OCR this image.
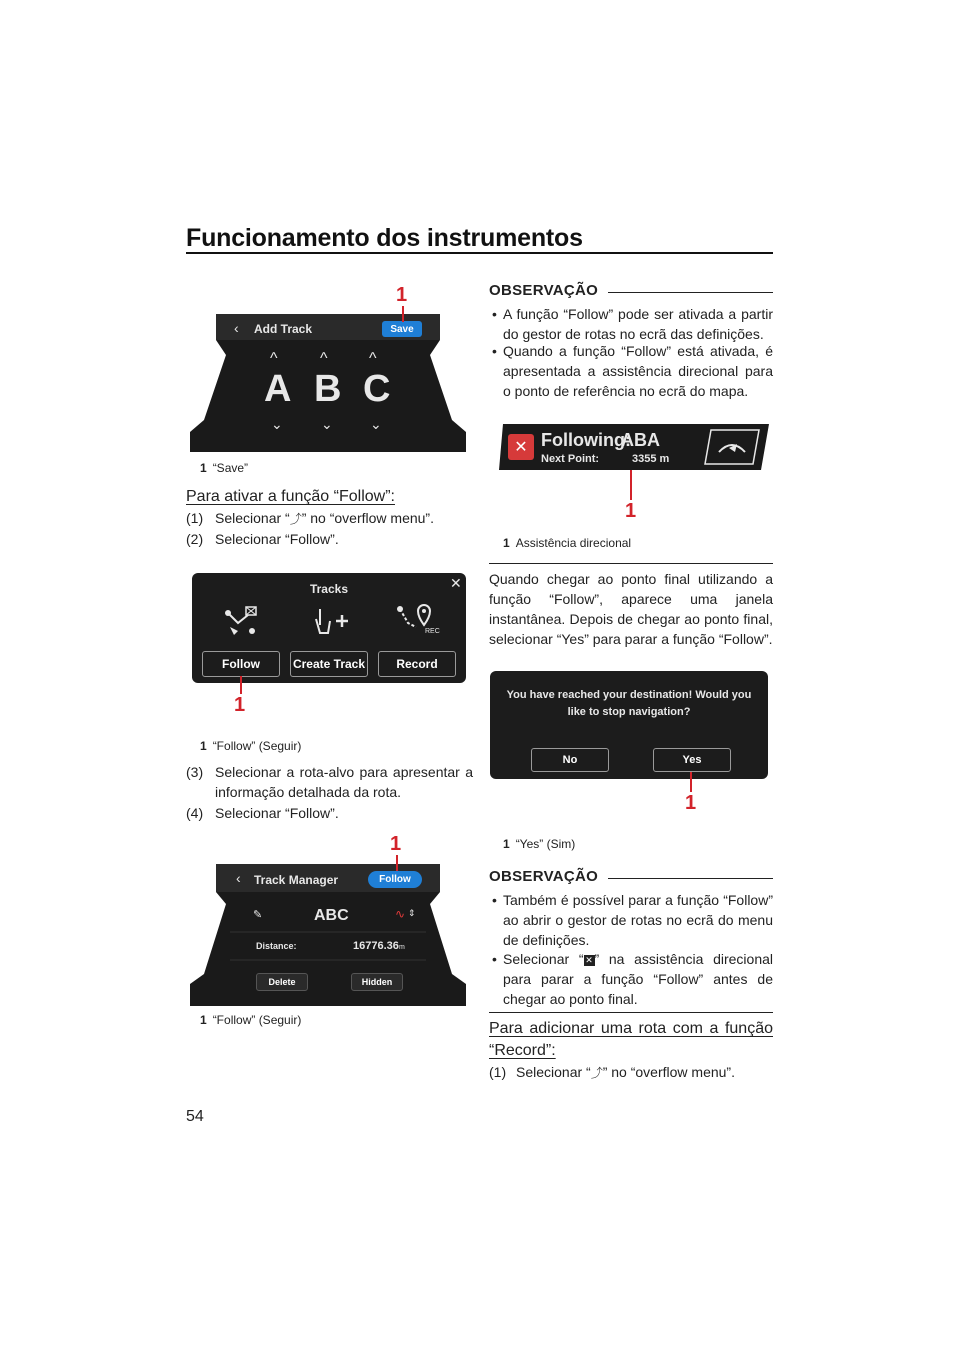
Funcionamento dos instrumentos
‹ Add Track	Save
^	^	^
A B C
⌄	⌄	⌄
1
1 “Save”
Para ativar a função “Follow”:
(1) Selecionar “⤴” no “overflow menu”.
(2) Selecionar “Follow”.
Tracks	✕
REC
Follow	Create Track	Record
1
1 “Follow” (Seguir)
(3) Selecionar a rota-alvo para apresentar a informação detalhada da rota.
(4) Selecionar “Follow”.
‹ Track Manager	Follow
✎	ABC	∿ ⇕
Distance:	16776.36 m
Delete	Hidden
1
1 “Follow” (Seguir)
54
OBSERVAÇÃO
• A função “Follow” pode ser ativada a partir do gestor de rotas no ecrã das definições.
• Quando a função “Follow” está ativada, é apresentada a assistência direcional para o ponto de referência no ecrã do mapa.
✕ Following:
ABA
Next Point:	3355 m
1
1 Assistência direcional
Quando chegar ao ponto final utilizando a função “Follow”, aparece uma janela instantânea. Depois de chegar ao ponto final, selecionar “Yes” para parar a função “Follow”.
You have reached your destination! Would you like to stop navigation?
No	Yes
1
1 “Yes” (Sim)
OBSERVAÇÃO
• Também é possível parar a função “Follow” ao abrir o gestor de rotas no ecrã do menu de definições.
• Selecionar “ ✕ ” na assistência direcional para parar a função “Follow” antes de chegar ao ponto final.
Para adicionar uma rota com a função “Record”:
(1) Selecionar “⤴” no “overflow menu”.
